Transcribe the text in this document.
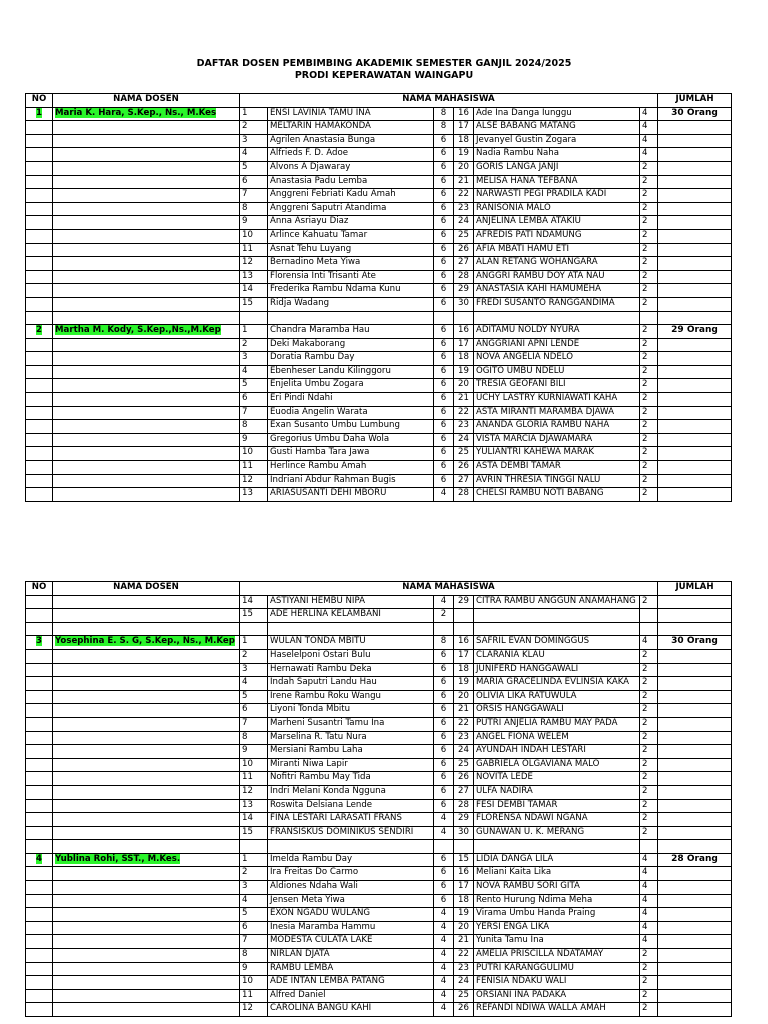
DAFTAR DOSEN PEMBIMBING AKADEMIK SEMESTER GANJIL 2024/2025
PRODI KEPERAWATAN WAINGAPU
NO	NAMA DOSEN	NAMA MAHASISWA						JUMLAH
1	Maria K. Hara, S.Kep., Ns., M.Kes	1	ENSI LAVINIA TAMU INA	8	16	Ade Ina Danga Iunggu	4	30 Orang
		2	MELTARIN HAMAKONDA	8	17	ALSE BABANG MATANG	4	
		3	Agrilen Anastasia Bunga	6	18	Jevanyel Gustin Zogara	4	
		4	Alfrieds F. D. Adoe	6	19	Nadia Rambu Naha	4	
		5	Alvons A Djawaray	6	20	GORIS LANGA JANJI	2	
		6	Anastasia Padu Lemba	6	21	MELISA HANA TEFBANA	2	
		7	Anggreni Febriati Kadu Amah	6	22	NARWASTI PEGI PRADILA KADI	2	
		8	Anggreni Saputri Atandima	6	23	RANISONIA MALO	2	
		9	Anna Asriayu Diaz	6	24	ANJELINA LEMBA ATAKIU	2	
		10	Arlince Kahuatu Tamar	6	25	AFREDIS PATI NDAMUNG	2	
		11	Asnat Tehu Luyang	6	26	AFIA MBATI HAMU ETI	2	
		12	Bernadino Meta Yiwa	6	27	ALAN RETANG WOHANGARA	2	
		13	Florensia Inti Trisanti Ate	6	28	ANGGRI RAMBU DOY ATA NAU	2	
		14	Frederika Rambu Ndama Kunu	6	29	ANASTASIA KAHI HAMUMEHA	2	
		15	Ridja Wadang	6	30	FREDI SUSANTO RANGGANDIMA	2	

2	Martha M. Kody, S.Kep.,Ns.,M.Kep	1	Chandra Maramba Hau	6	16	ADITAMU NOLDY NYURA	2	29 Orang
		2	Deki Makaborang	6	17	ANGGRIANI APNI LENDE	2	
		3	Doratia Rambu Day	6	18	NOVA ANGELIA NDELO	2	
		4	Ebenheser Landu Kilinggoru	6	19	OGITO UMBU NDELU	2	
		5	Enjelita Umbu Zogara	6	20	TRESIA GEOFANI BILI	2	
		6	Eri Pindi Ndahi	6	21	UCHY LASTRY KURNIAWATI KAHA	2	
		7	Euodia Angelin Warata	6	22	ASTA MIRANTI MARAMBA DJAWA	2	
		8	Exan Susanto Umbu Lumbung	6	23	ANANDA GLORIA RAMBU NAHA	2	
		9	Gregorius Umbu Daha Wola	6	24	VISTA MARCIA DJAWAMARA	2	
		10	Gusti Hamba Tara Jawa	6	25	YULIANTRI KAHEWA MARAK	2	
		11	Herlince Rambu Amah	6	26	ASTA DEMBI TAMAR	2	
		12	Indriani Abdur Rahman Bugis	6	27	AVRIN THRESIA TINGGI NALU	2	
		13	ARIASUSANTI DEHI MBORU	4	28	CHELSI RAMBU NOTI BABANG	2	
NO	NAMA DOSEN	NAMA MAHASISWA						JUMLAH
		14	ASTIYANI HEMBU NIPA	4	29	CITRA RAMBU ANGGUN ANAMAHANG	2	
		15	ADE HERLINA KELAMBANI	2				

3	Yosephina E. S. G, S.Kep., Ns., M.Kep	1	WULAN TONDA MBITU	8	16	SAFRIL EVAN DOMINGGUS	4	30 Orang
		2	Haselelponi Ostari Bulu	6	17	CLARANIA KLAU	2	
		3	Hernawati Rambu Deka	6	18	JUNIFERD HANGGAWALI	2	
		4	Indah Saputri Landu Hau	6	19	MARIA GRACELINDA EVLINSIA KAKA	2	
		5	Irene Rambu Roku Wangu	6	20	OLIVIA LIKA RATUWULA	2	
		6	Liyoni Tonda Mbitu	6	21	ORSIS HANGGAWALI	2	
		7	Marheni Susantri Tamu Ina	6	22	PUTRI ANJELIA RAMBU MAY PADA	2	
		8	Marselina R. Tatu Nura	6	23	ANGEL FIONA WELEM	2	
		9	Mersiani Rambu Laha	6	24	AYUNDAH INDAH LESTARI	2	
		10	Miranti Niwa Lapir	6	25	GABRIELA OLGAVIANA MALO	2	
		11	Nofitri Rambu May Tida	6	26	NOVITA LEDE	2	
		12	Indri Melani Konda Ngguna	6	27	ULFA NADIRA	2	
		13	Roswita Delsiana Lende	6	28	FESI DEMBI TAMAR	2	
		14	FINA LESTARI LARASATI FRANS	4	29	FLORENSA NDAWI NGANA	2	
		15	FRANSISKUS DOMINIKUS SENDIRI	4	30	GUNAWAN U. K. MERANG	2	

4	Yublina Rohi, SST., M.Kes.	1	Imelda Rambu Day	6	15	LIDIA DANGA LILA	4	28 Orang
		2	Ira Freitas Do Carmo	6	16	Meliani Kaita Lika	4	
		3	Aldiones Ndaha Wali	6	17	NOVA RAMBU SORI GITA	4	
		4	Jensen Meta Yiwa	6	18	Rento Hurung Ndima Meha	4	
		5	EXON NGADU WULANG	4	19	Virama Umbu Handa Praing	4	
		6	Inesia Maramba Hammu	4	20	YERSI ENGA LIKA	4	
		7	MODESTA CULATA LAKE	4	21	Yunita Tamu Ina	4	
		8	NIRLAN DJATA	4	22	AMELIA PRISCILLA NDATAMAY	2	
		9	RAMBU LEMBA	4	23	PUTRI KARANGGULIMU	2	
		10	ADE INTAN LEMBA PATANG	4	24	FENISIA NDAKU WALI	2	
		11	Alfred Daniel	4	25	ORSIANI INA PADAKA	2	
		12	CAROLINA BANGU KAHI	4	26	REFANDI NDIWA WALLA AMAH	2	
